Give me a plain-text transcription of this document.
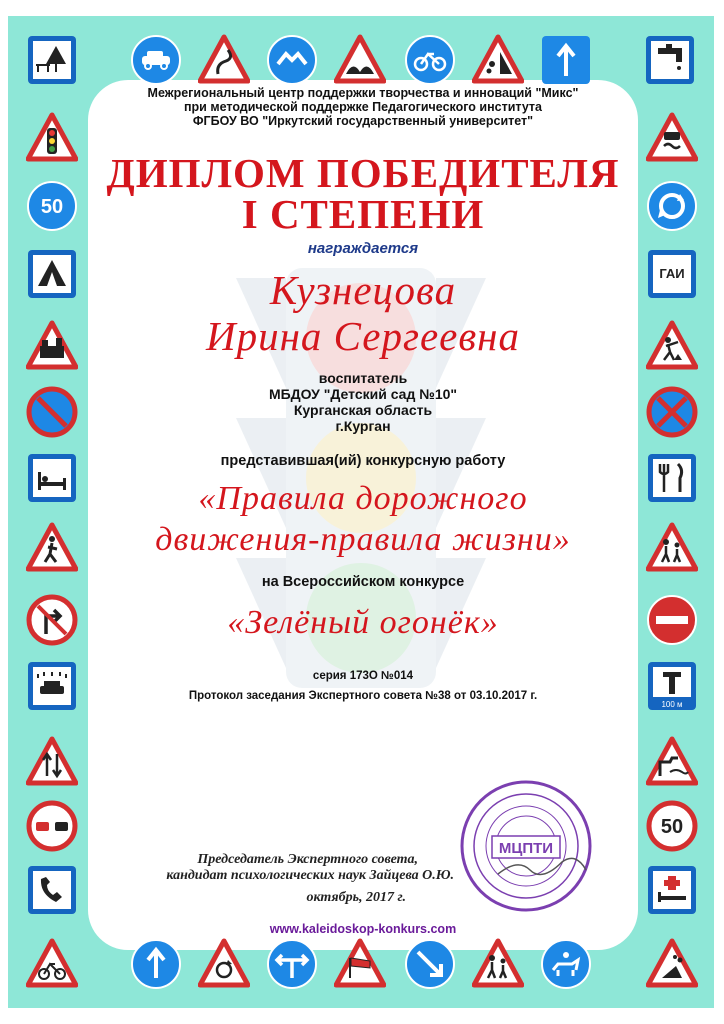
50
ГАИ
100 м
50
Межрегиональный центр поддержки творчества и инноваций "Микс"
при методической поддержке Педагогического института
ФГБОУ ВО "Иркутский государственный университет"
ДИПЛОМ ПОБЕДИТЕЛЯ
I СТЕПЕНИ
награждается
Кузнецова
Ирина Сергеевна
воспитатель
МБДОУ "Детский сад №10"
Курганская область
г.Курган
представившая(ий) конкурсную работу
«Правила дорожного
движения-правила жизни»
на Всероссийском конкурсе
«Зелёный огонёк»
серия 173О №014
Протокол заседания Экспертного совета №38 от 03.10.2017 г.
МЦПТИ
Председатель Экспертного совета,
кандидат психологических наук Зайцева О.Ю.
октябрь, 2017 г.
www.kaleidoskop-konkurs.com
